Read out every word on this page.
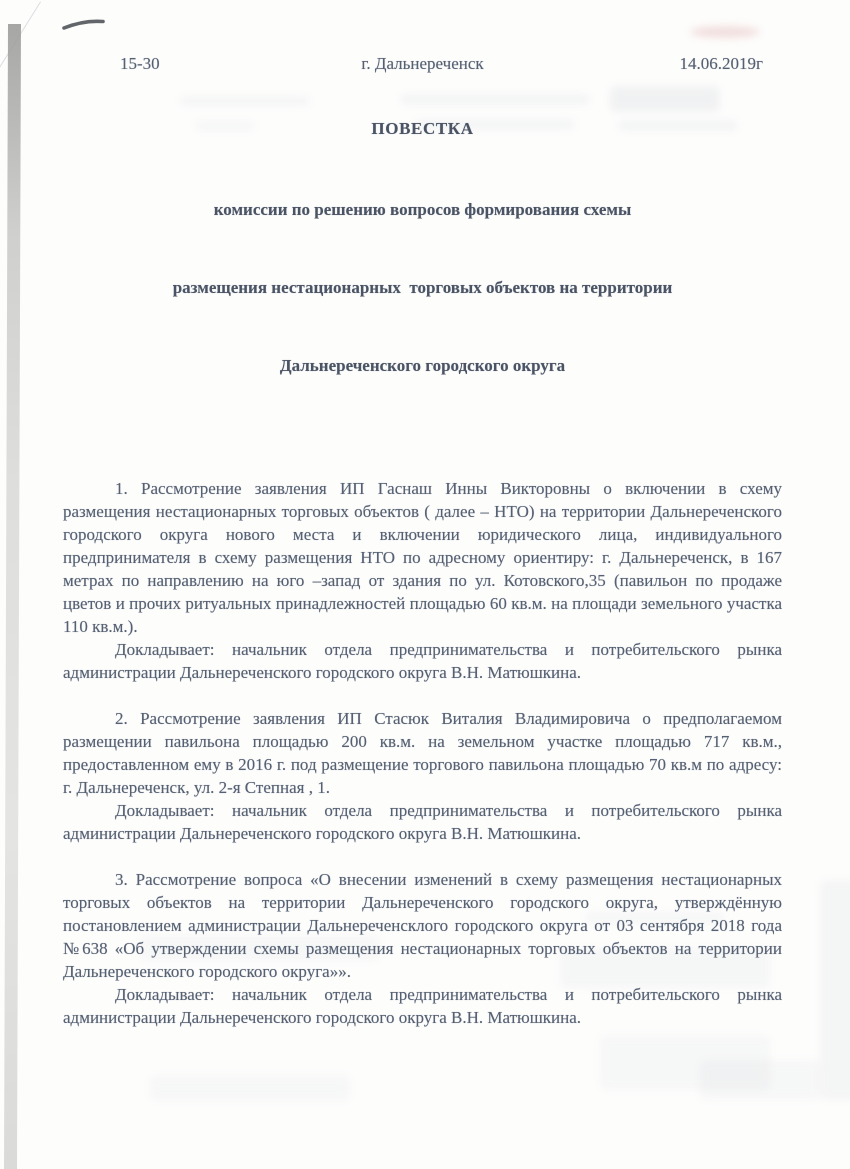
15-30	г. Дальнереченск	14.06.2019г
ПОВЕСТКА

комиссии по решению вопросов формирования схемы

размещения нестационарных  торговых объектов на территории

Дальнереченского городского округа

1. Рассмотрение заявления ИП Гаснаш Инны Викторовны о включении в схему размещения нестационарных торговых объектов ( далее – НТО) на территории Дальнереченского городского округа нового места и включении юридического лица, индивидуального предпринимателя в схему размещения НТО по адресному ориентиру: г. Дальнереченск, в 167 метрах по направлению на юго –запад от здания по ул. Котовского,35 (павильон по продаже цветов и прочих ритуальных принадлежностей площадью 60 кв.м. на площади земельного участка 110 кв.м.).

Докладывает: начальник отдела предпринимательства и потребительского рынка администрации Дальнереченского городского округа В.Н. Матюшкина.

2. Рассмотрение заявления ИП Стасюк Виталия Владимировича о предполагаемом размещении павильона площадью 200 кв.м. на земельном участке площадью 717 кв.м., предоставленном ему в 2016 г. под размещение торгового павильона площадью 70 кв.м по адресу: г. Дальнереченск, ул. 2-я Степная , 1.

Докладывает: начальник отдела предпринимательства и потребительского рынка администрации Дальнереченского городского округа В.Н. Матюшкина.

3. Рассмотрение вопроса «О внесении изменений в схему размещения нестационарных торговых объектов на территории Дальнереченского городского округа, утверждённую постановлением администрации Дальнереченсклого городского округа от 03 сентября 2018 года №638 «Об утверждении схемы размещения нестационарных торговых объектов на территории Дальнереченского городского округа»».

Докладывает: начальник отдела предпринимательства и потребительского рынка администрации Дальнереченского городского округа В.Н. Матюшкина.
